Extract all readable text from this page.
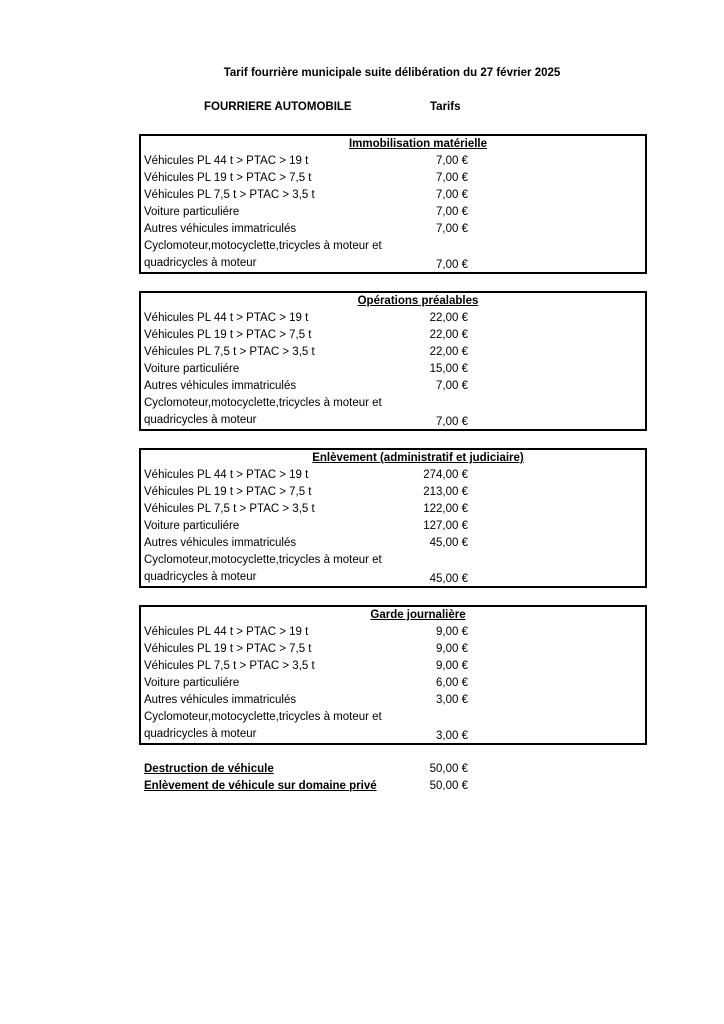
Tarif fourrière municipale suite délibération du 27 février 2025
FOURRIERE AUTOMOBILE	Tarifs
Immobilisation matérielle
Véhicules PL 44 t > PTAC > 19 t	7,00 €
Véhicules PL 19 t > PTAC > 7,5 t	7,00 €
Véhicules PL 7,5 t > PTAC > 3,5 t	7,00 €
Voiture particuliére	7,00 €
Autres véhicules immatriculés	7,00 €
Cyclomoteur,motocyclette,tricycles à moteur et
quadricycles à moteur	7,00 €
Opérations préalables
Véhicules PL 44 t > PTAC > 19 t	22,00 €
Véhicules PL 19 t > PTAC > 7,5 t	22,00 €
Véhicules PL 7,5 t > PTAC > 3,5 t	22,00 €
Voiture particuliére	15,00 €
Autres véhicules immatriculés	7,00 €
Cyclomoteur,motocyclette,tricycles à moteur et
quadricycles à moteur	7,00 €
Enlèvement (administratif et judiciaire)
Véhicules PL 44 t > PTAC > 19 t	274,00 €
Véhicules PL 19 t > PTAC > 7,5 t	213,00 €
Véhicules PL 7,5 t > PTAC > 3,5 t	122,00 €
Voiture particuliére	127,00 €
Autres véhicules immatriculés	45,00 €
Cyclomoteur,motocyclette,tricycles à moteur et
quadricycles à moteur	45,00 €
Garde journalière
Véhicules PL 44 t > PTAC > 19 t	9,00 €
Véhicules PL 19 t > PTAC > 7,5 t	9,00 €
Véhicules PL 7,5 t > PTAC > 3,5 t	9,00 €
Voiture particuliére	6,00 €
Autres véhicules immatriculés	3,00 €
Cyclomoteur,motocyclette,tricycles à moteur et
quadricycles à moteur	3,00 €
Destruction de véhicule	50,00 €
Enlèvement de véhicule sur domaine privé	50,00 €
